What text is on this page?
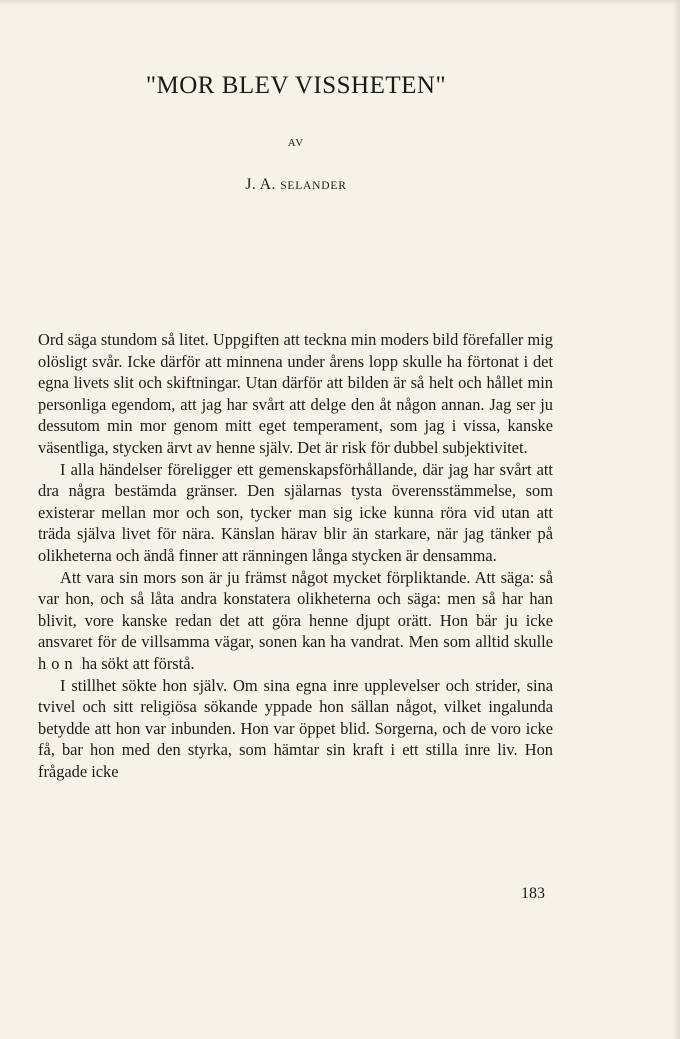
"MOR BLEV VISSHETEN"
AV
J. A. SELANDER

Ord säga stundom så litet. Uppgiften att teckna min moders bild förefaller mig olösligt svår. Icke därför att minnena under årens lopp skulle ha förtonat i det egna livets slit och skiftningar. Utan därför att bilden är så helt och hållet min personliga egendom, att jag har svårt att delge den åt någon annan. Jag ser ju dessutom min mor genom mitt eget temperament, som jag i vissa, kanske väsentliga, stycken ärvt av henne själv. Det är risk för dubbel subjektivitet.

I alla händelser föreligger ett gemenskapsförhållande, där jag har svårt att dra några bestämda gränser. Den själarnas tysta överensstämmelse, som existerar mellan mor och son, tycker man sig icke kunna röra vid utan att träda själva livet för nära. Känslan härav blir än starkare, när jag tänker på olikheterna och ändå finner att ränningen långa stycken är densamma.

Att vara sin mors son är ju främst något mycket förpliktande. Att säga: så var hon, och så låta andra konstatera olikheterna och säga: men så har han blivit, vore kanske redan det att göra henne djupt orätt. Hon bär ju icke ansvaret för de villsamma vägar, sonen kan ha vandrat. Men som alltid skulle hon ha sökt att förstå.

I stillhet sökte hon själv. Om sina egna inre upplevelser och strider, sina tvivel och sitt religiösa sökande yppade hon sällan något, vilket ingalunda betydde att hon var inbunden. Hon var öppet blid. Sorgerna, och de voro icke få, bar hon med den styrka, som hämtar sin kraft i ett stilla inre liv. Hon frågade icke

183
